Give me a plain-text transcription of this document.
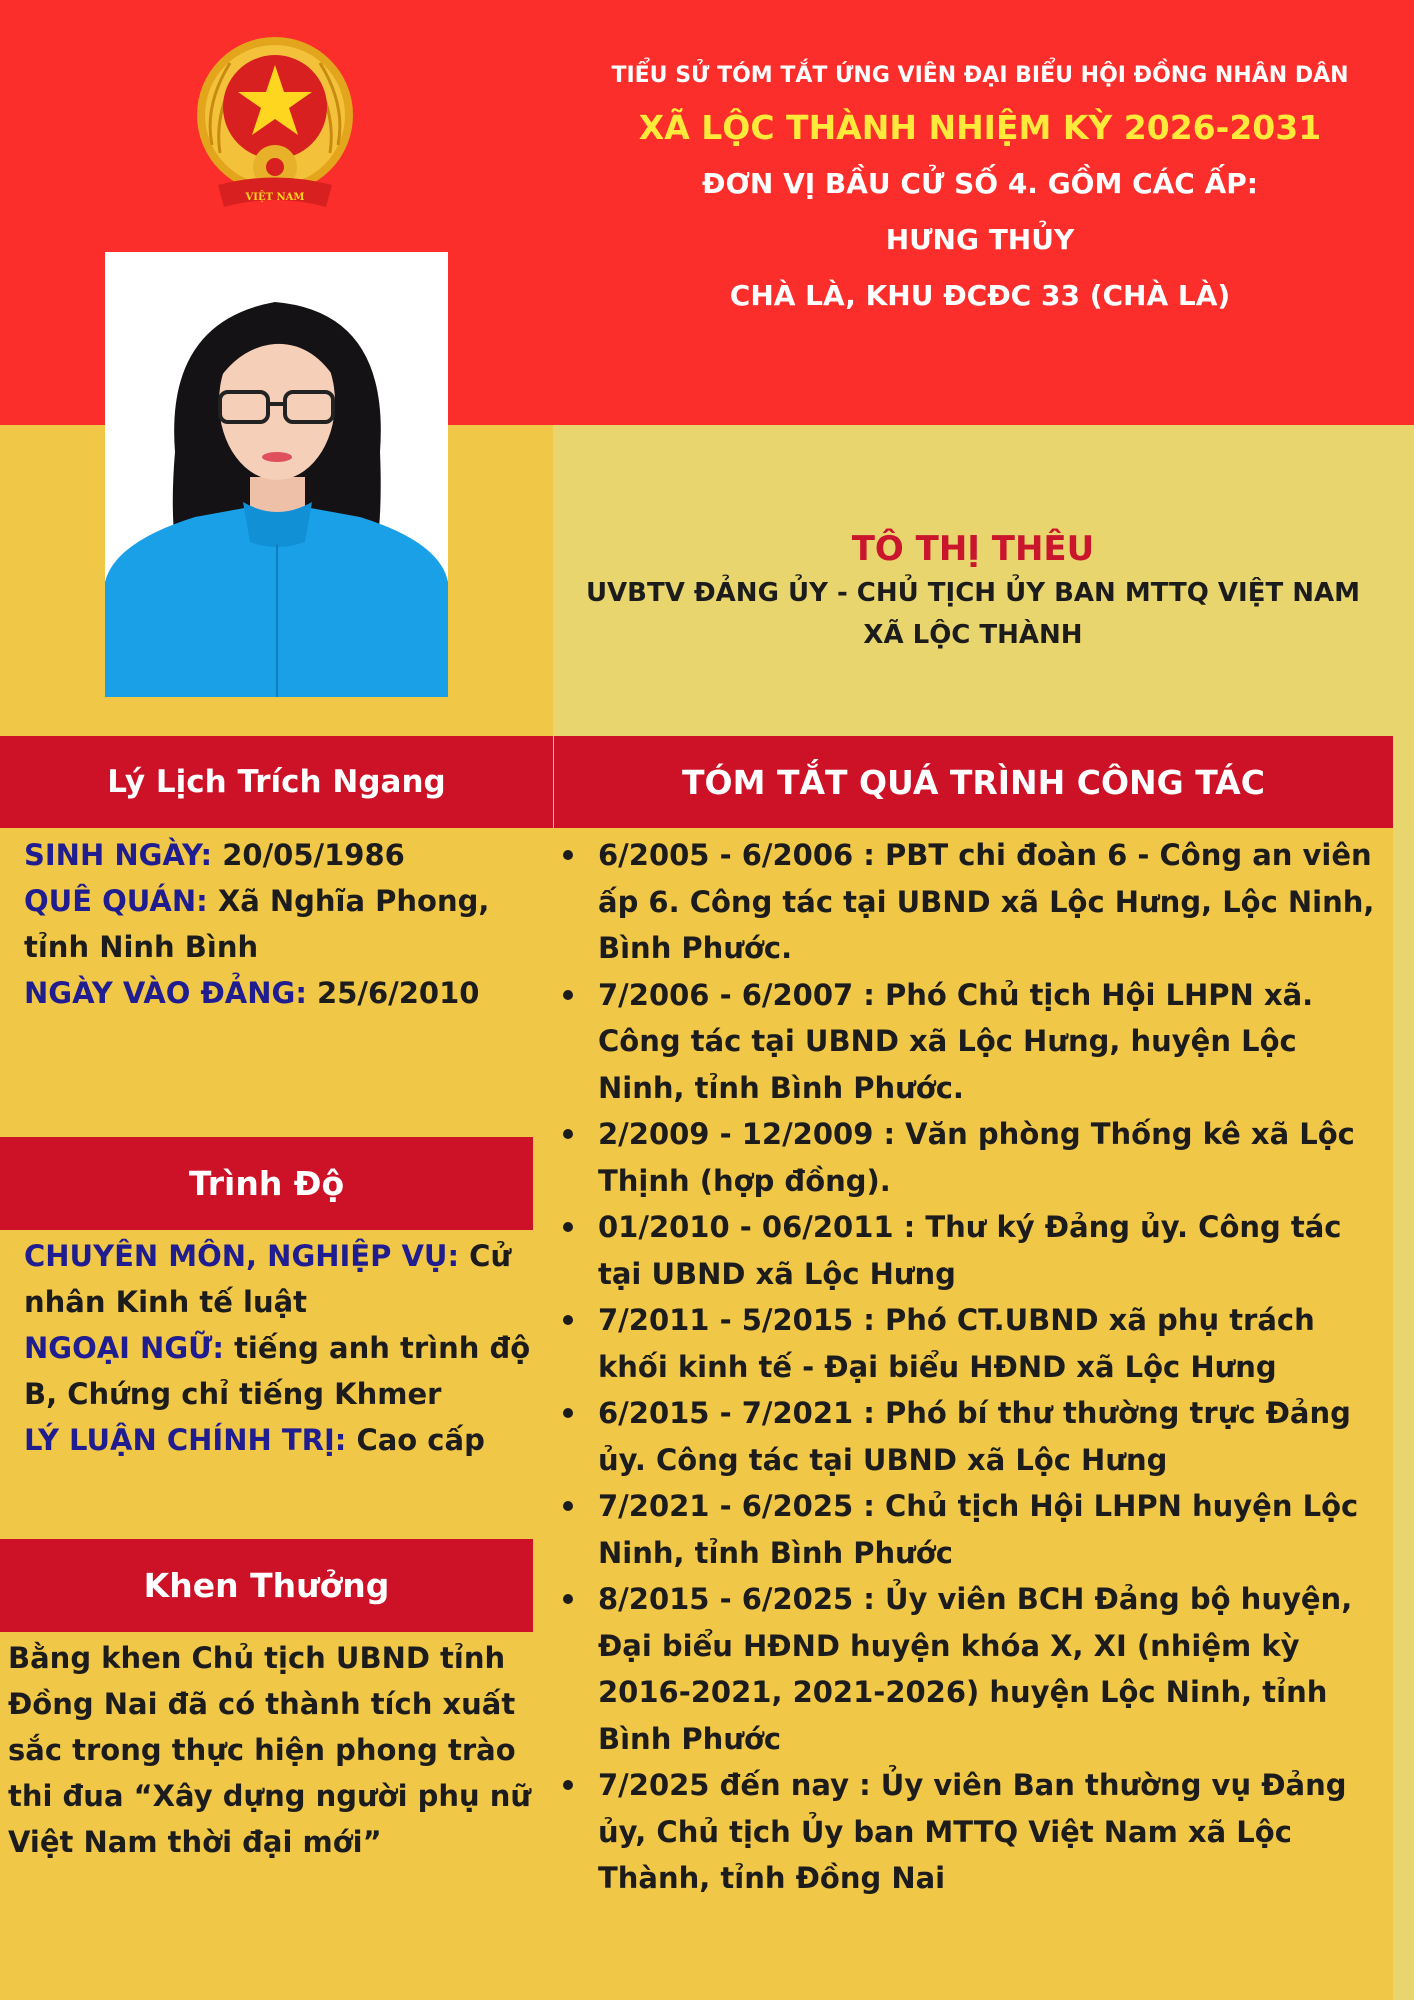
VIỆT NAM
TIỂU SỬ TÓM TẮT ỨNG VIÊN ĐẠI BIỂU HỘI ĐỒNG NHÂN DÂN
XÃ LỘC THÀNH NHIỆM KỲ 2026-2031
ĐƠN VỊ BẦU CỬ SỐ 4. GỒM CÁC ẤP:
HƯNG THỦY
CHÀ LÀ, KHU ĐCĐC 33 (CHÀ LÀ)
TÔ THỊ THÊU
UVBTV ĐẢNG ỦY - CHỦ TỊCH ỦY BAN MTTQ VIỆT NAM
XÃ LỘC THÀNH
Lý Lịch Trích Ngang	TÓM TẮT QUÁ TRÌNH CÔNG TÁC
Trình Độ
Khen Thưởng
SINH NGÀY: 20/05/1986
QUÊ QUÁN: Xã Nghĩa Phong, tỉnh Ninh Bình
NGÀY VÀO ĐẢNG: 25/6/2010
CHUYÊN MÔN, NGHIỆP VỤ: Cử nhân Kinh tế luật
NGOẠI NGỮ: tiếng anh trình độ B, Chứng chỉ tiếng Khmer
LÝ LUẬN CHÍNH TRỊ: Cao cấp
Bằng khen Chủ tịch UBND tỉnh Đồng Nai đã có thành tích xuất sắc trong thực hiện phong trào thi đua “Xây dựng người phụ nữ Việt Nam thời đại mới”
6/2005 - 6/2006 : PBT chi đoàn 6 - Công an viên ấp 6. Công tác tại UBND xã Lộc Hưng, Lộc Ninh, Bình Phước.
7/2006 - 6/2007 : Phó Chủ tịch Hội LHPN xã. Công tác tại UBND xã Lộc Hưng, huyện Lộc Ninh, tỉnh Bình Phước.
2/2009 - 12/2009 : Văn phòng Thống kê xã Lộc Thịnh (hợp đồng).
01/2010 - 06/2011 : Thư ký Đảng ủy. Công tác tại UBND xã Lộc Hưng
7/2011 - 5/2015 : Phó CT.UBND xã phụ trách khối kinh tế - Đại biểu HĐND xã Lộc Hưng
6/2015 - 7/2021 : Phó bí thư thường trực Đảng ủy. Công tác tại UBND xã Lộc Hưng
7/2021 - 6/2025 : Chủ tịch Hội LHPN huyện Lộc Ninh, tỉnh Bình Phước
8/2015 - 6/2025 : Ủy viên BCH Đảng bộ huyện, Đại biểu HĐND huyện khóa X, XI (nhiệm kỳ 2016-2021, 2021-2026) huyện Lộc Ninh, tỉnh Bình Phước
7/2025 đến nay : Ủy viên Ban thường vụ Đảng ủy, Chủ tịch Ủy ban MTTQ Việt Nam xã Lộc Thành, tỉnh Đồng Nai
